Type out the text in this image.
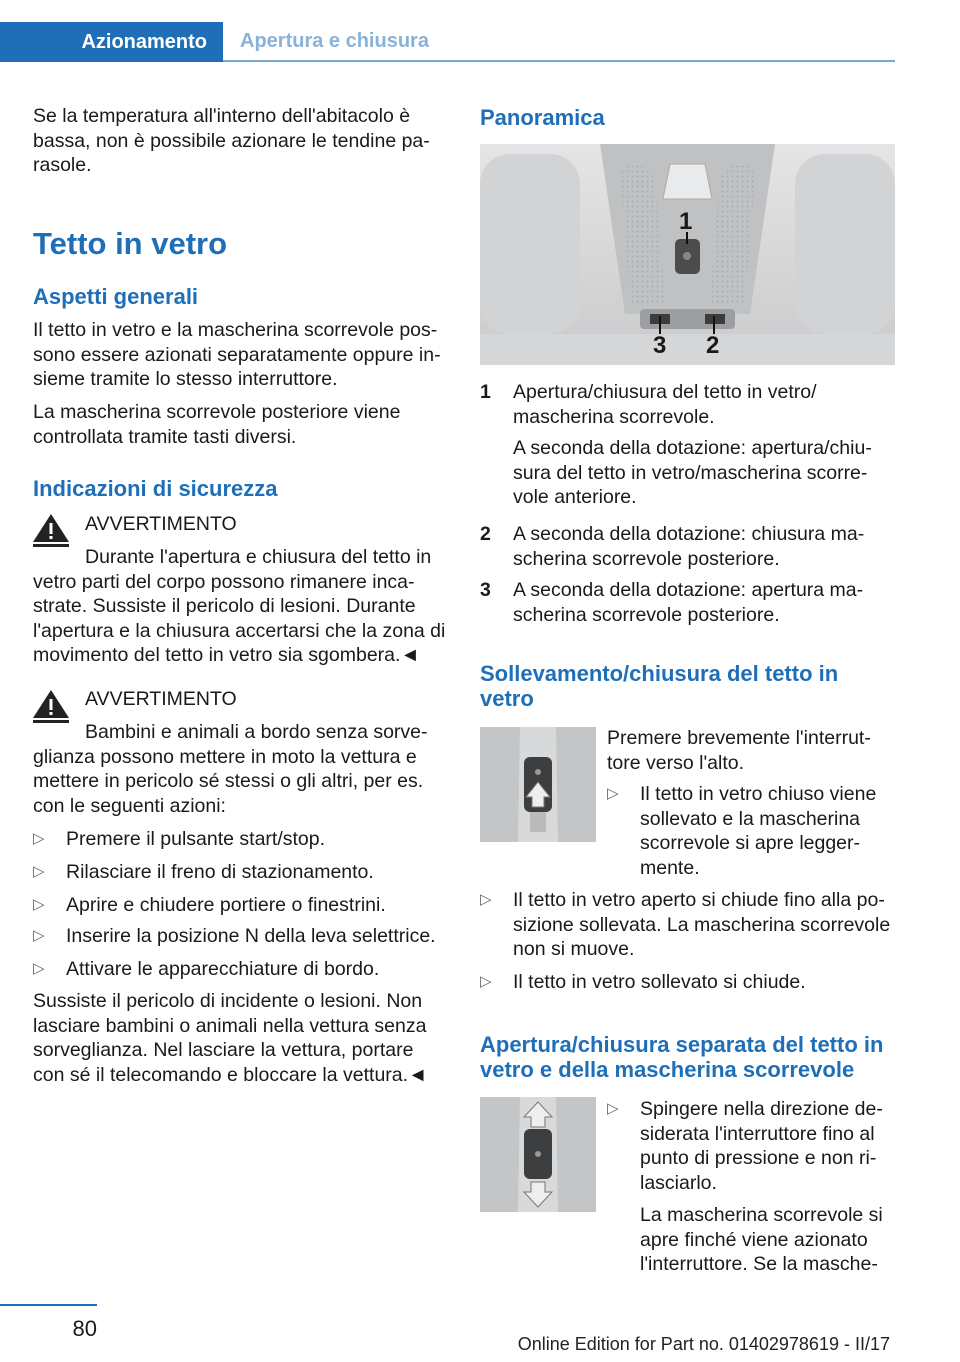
Azionamento	Apertura e chiusura

Se la temperatura all'interno dell'abitacolo è bassa, non è possibile azionare le tendine parasole.

Tetto in vetro
Aspetti generali

Il tetto in vetro e la mascherina scorrevole possono essere azionati separatamente oppure insieme tramite lo stesso interruttore.

La mascherina scorrevole posteriore viene controllata tramite tasti diversi.

Indicazioni di sicurezza
AVVERTIMENTO

Durante l'apertura e chiusura del tetto in vetro parti del corpo possono rimanere incastrate. Sussiste il pericolo di lesioni. Durante l'apertura e la chiusura accertarsi che la zona di movimento del tetto in vetro sia sgombera.◄

AVVERTIMENTO

Bambini e animali a bordo senza sorveglianza possono mettere in moto la vettura e mettere in pericolo sé stessi o gli altri, per es. con le seguenti azioni:

▷	Premere il pulsante start/stop.
▷	Rilasciare il freno di stazionamento.
▷	Aprire e chiudere portiere o finestrini.
▷	Inserire la posizione N della leva selettrice.
▷	Attivare le apparecchiature di bordo.

Sussiste il pericolo di incidente o lesioni. Non lasciare bambini o animali nella vettura senza sorveglianza. Nel lasciare la vettura, portare con sé il telecomando e bloccare la vettura.◄

Panoramica
1
3 2
1 Apertura/chiusura del tetto in vetro/ mascherina scorrevole.

A seconda della dotazione: apertura/chiusura del tetto in vetro/mascherina scorrevole anteriore.

2 A seconda della dotazione: chiusura mascherina scorrevole posteriore.

3 A seconda della dotazione: apertura mascherina scorrevole posteriore.

Sollevamento/chiusura del tetto in vetro

Premere brevemente l'interruttore verso l'alto.

▷	Il tetto in vetro chiuso viene sollevato e la mascherina scorrevole si apre leggermente.
▷	Il tetto in vetro aperto si chiude fino alla posizione sollevata. La mascherina scorrevole non si muove.
▷	Il tetto in vetro sollevato si chiude.
Apertura/chiusura separata del tetto in vetro e della mascherina scorrevole
▷	Spingere nella direzione desiderata l'interruttore fino al punto di pressione e non rilasciarlo.

La mascherina scorrevole si apre finché viene azionato l'interruttore. Se la masche-

80
Online Edition for Part no. 01402978619 - II/17
